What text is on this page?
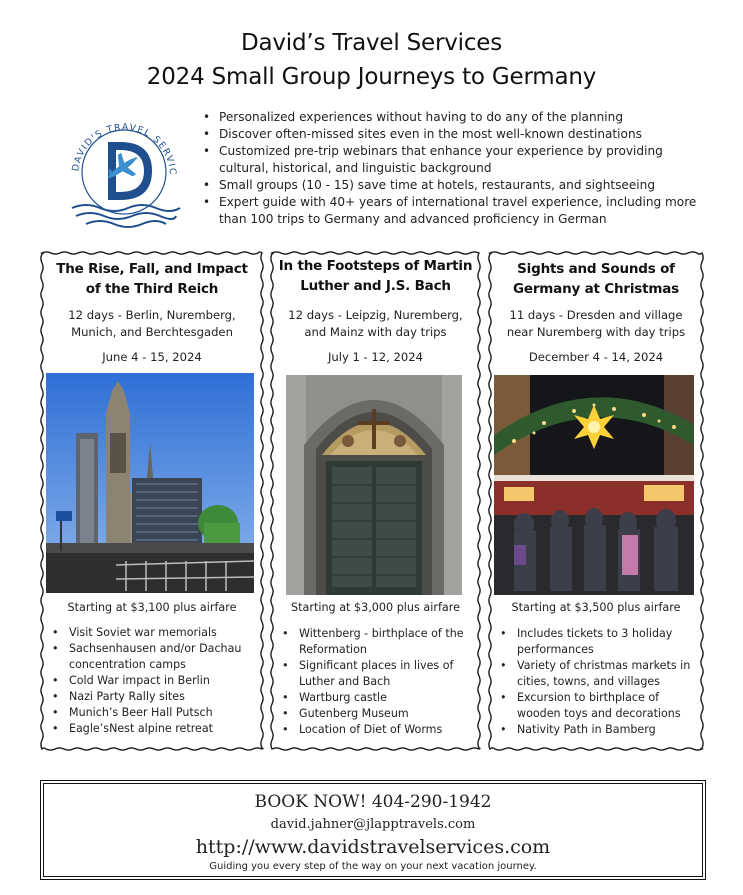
David’s Travel Services
2024 Small Group Journeys to Germany
DAVID'S TRAVEL SERVIC
• Personalized experiences without having to do any of the planning
• Discover often-missed sites even in the most well-known destinations
• Customized pre-trip webinars that enhance your experience by providing cultural, historical, and linguistic background
• Small groups (10 - 15) save time at hotels, restaurants, and sightseeing
• Expert guide with 40+ years of international travel experience, including more than 100 trips to Germany and advanced proficiency in German
The Rise, Fall, and Impact
of the Third Reich
12 days - Berlin, Nuremberg,
Munich, and Berchtesgaden
June 4 - 15, 2024
Starting at $3,100 plus airfare
• Visit Soviet war memorials
• Sachsenhausen and/or Dachau concentration camps
• Cold War impact in Berlin
• Nazi Party Rally sites
• Munich’s Beer Hall Putsch
• Eagle’sNest alpine retreat
In the Footsteps of Martin
Luther and J.S. Bach
12 days - Leipzig, Nuremberg,
and Mainz with day trips
July 1 - 12, 2024
Starting at $3,000 plus airfare
• Wittenberg - birthplace of the Reformation
• Significant places in lives of Luther and Bach
• Wartburg castle
• Gutenberg Museum
• Location of Diet of Worms
Sights and Sounds of
Germany at Christmas
11 days - Dresden and village
near Nuremberg with day trips
December 4 - 14, 2024
Starting at $3,500 plus airfare
• Includes tickets to 3 holiday performances
• Variety of christmas markets in cities, towns, and villages
• Excursion to birthplace of wooden toys and decorations
• Nativity Path in Bamberg
BOOK NOW! 404-290-1942
david.jahner@jlapptravels.com
http://www.davidstravelservices.com
Guiding you every step of the way on your next vacation journey.
